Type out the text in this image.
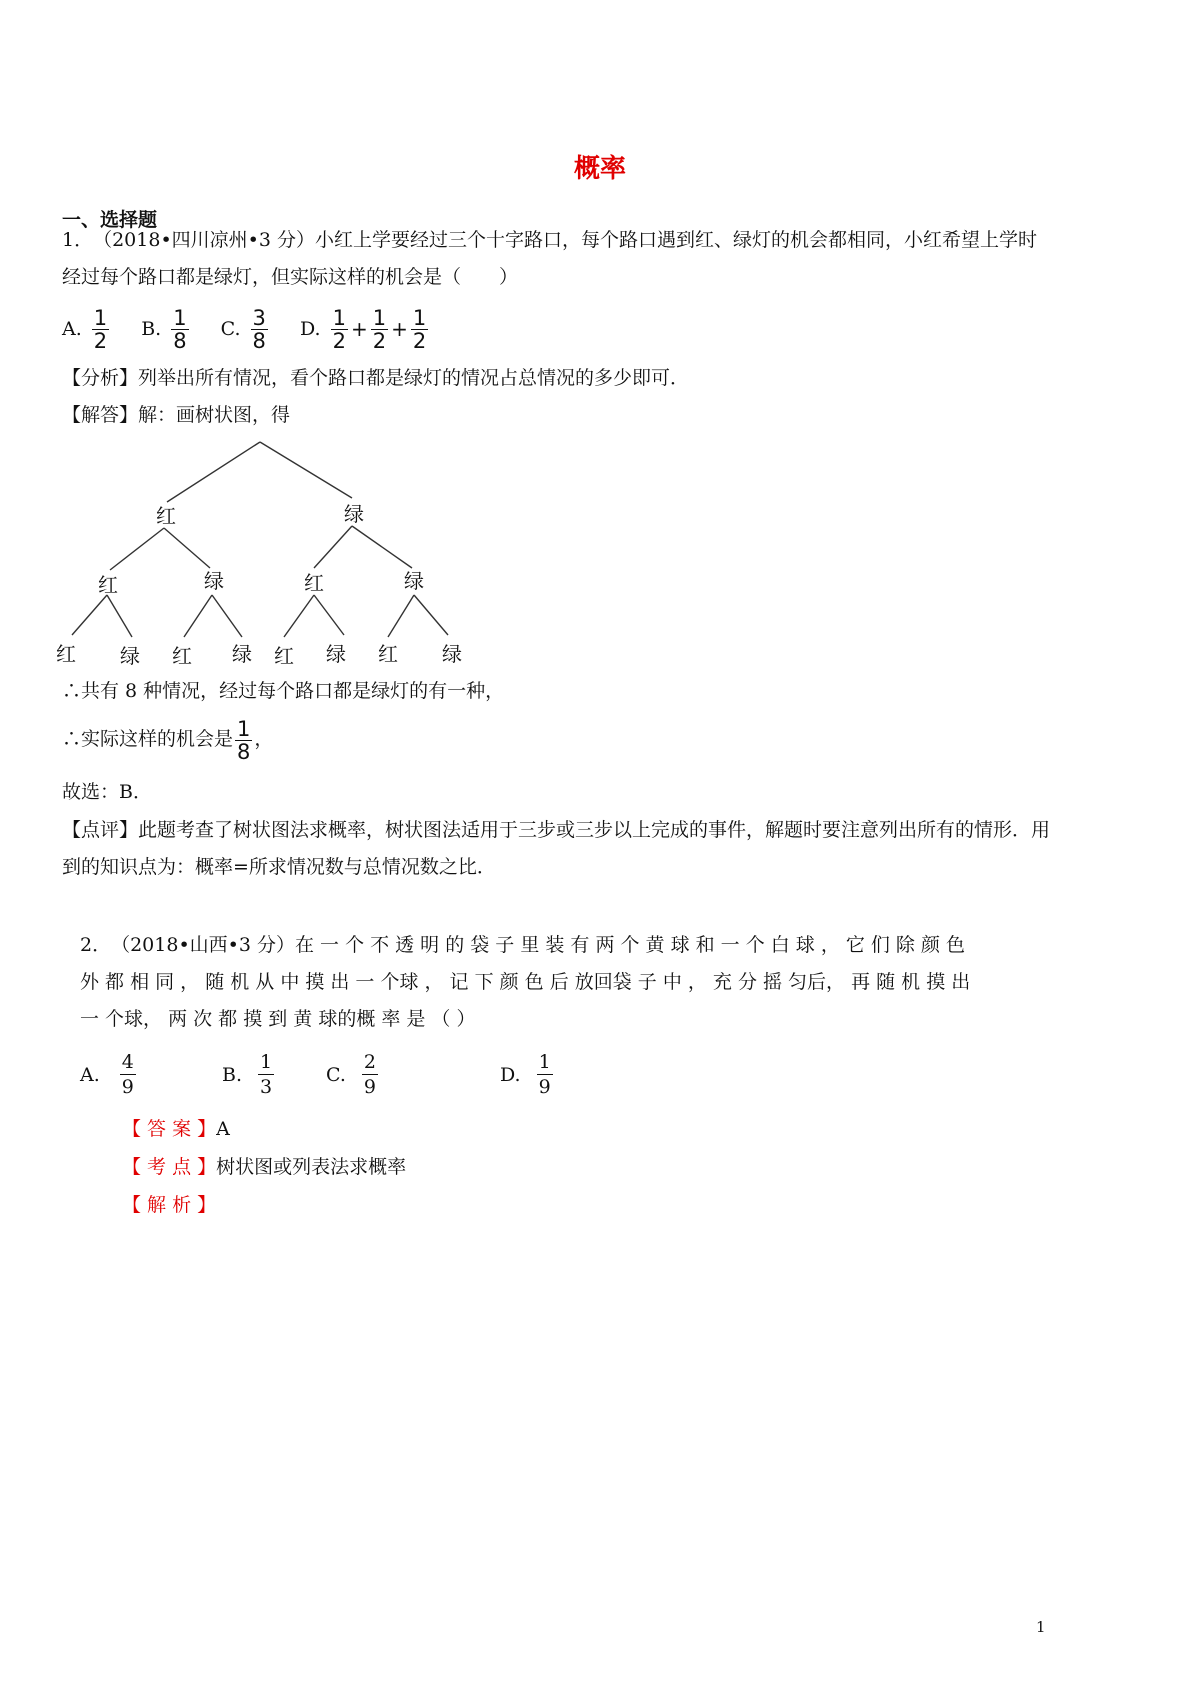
概率
一、选择题
1．　（2018•四川凉州•3 分）小红上学要经过三个十字路口，每个路口遇到红、绿灯的机会都相同，小红希望上学时
经过每个路口都是绿灯，但实际这样的机会是（　　）
A. $\frac{1}{2}$
B. $\frac{1}{8}$
C. $\frac{3}{8}$
D. $\frac{1}{2} + \frac{1}{2} + \frac{1}{2}$
【分析】列举出所有情况，看个路口都是绿灯的情况占总情况的多少即可．
【解答】解：画树状图，得
红	绿
红	绿	红	绿
红 绿 红 绿 红 绿 红 绿
∴共有 8 种情况，经过每个路口都是绿灯的有一种，
∴实际这样的机会是 $\frac{1}{8}$ ，
故选：B．
【点评】此题考查了树状图法求概率，树状图法适用于三步或三步以上完成的事件，解题时要注意列出所有的情形．用
到的知识点为：概率=所求情况数与总情况数之比．
2．　（2018•山西•3 分）在 一 个 不 透 明 的 袋 子 里 装 有 两 个 黄 球 和 一 个 白 球 ， 它 们 除 颜 色
外 都 相 同 ， 随 机 从 中 摸 出 一 个球 ， 记 下 颜 色 后 放回袋 子 中 ， 充 分 摇 匀后， 再 随 机 摸 出
一 个球， 两 次 都 摸 到 黄 球的概 率 是 （ ）
A. $\frac{4}{9}$	B. $\frac{1}{3}$	C. $\frac{2}{9}$	D. $\frac{1}{9}$
【 答 案 】A
【 考 点 】树状图或列表法求概率
【 解 析 】
1
